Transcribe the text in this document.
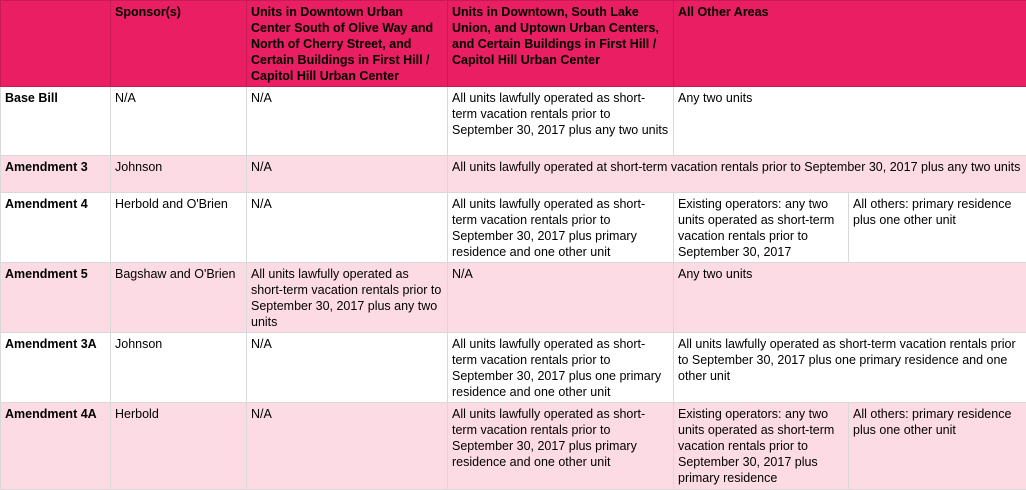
	Sponsor(s)	Units in Downtown Urban Center South of Olive Way and North of Cherry Street, and Certain Buildings in First Hill / Capitol Hill Urban Center	Units in Downtown, South Lake Union, and Uptown Urban Centers, and Certain Buildings in First Hill / Capitol Hill Urban Center	All Other Areas	
Base Bill	N/A	N/A	All units lawfully operated as short-term vacation rentals prior to September 30, 2017 plus any two units	Any two units	
Amendment 3	Johnson	N/A	All units lawfully operated at short-term vacation rentals prior to September 30, 2017 plus any two units		
Amendment 4	Herbold and O'Brien	N/A	All units lawfully operated as short-term vacation rentals prior to September 30, 2017 plus primary residence and one other unit	Existing operators: any two units operated as short-term vacation rentals prior to September 30, 2017	All others: primary residence plus one other unit
Amendment 5	Bagshaw and O'Brien	All units lawfully operated as short-term vacation rentals prior to September 30, 2017 plus any two units	N/A	Any two units	
Amendment 3A	Johnson	N/A	All units lawfully operated as short-term vacation rentals prior to September 30, 2017 plus one primary residence and one other unit	All units lawfully operated as short-term vacation rentals prior to September 30, 2017 plus one primary residence and one other unit	
Amendment 4A	Herbold	N/A	All units lawfully operated as short-term vacation rentals prior to September 30, 2017 plus primary residence and one other unit	Existing operators: any two units operated as short-term vacation rentals prior to September 30, 2017 plus primary residence	All others: primary residence plus one other unit
